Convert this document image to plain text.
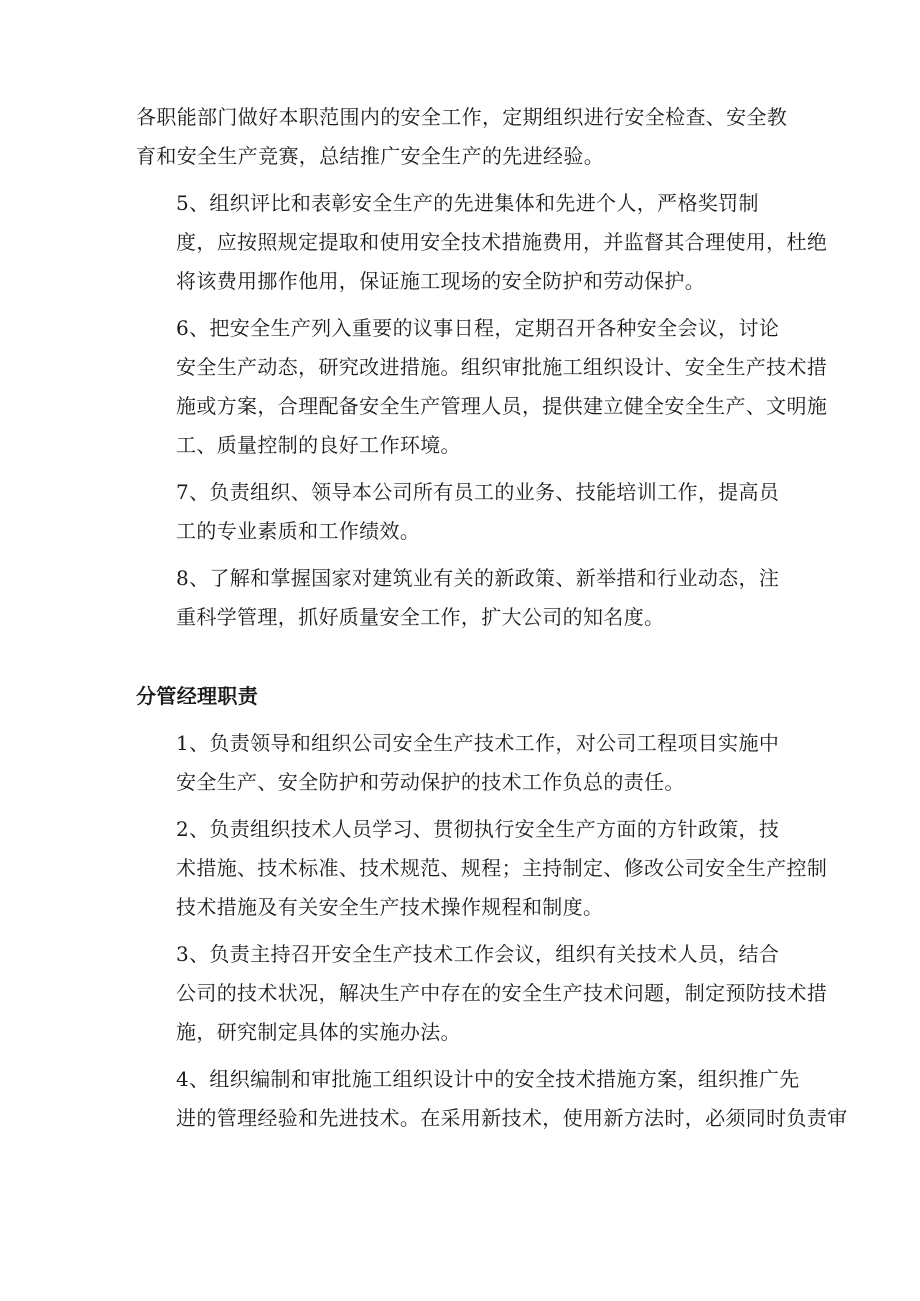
各职能部门做好本职范围内的安全工作，定期组织进行安全检查、安全教
育和安全生产竞赛，总结推广安全生产的先进经验。

5、组织评比和表彰安全生产的先进集体和先进个人，严格奖罚制
度，应按照规定提取和使用安全技术措施费用，并监督其合理使用，杜绝
将该费用挪作他用，保证施工现场的安全防护和劳动保护。

6、把安全生产列入重要的议事日程，定期召开各种安全会议，讨论
安全生产动态，研究改进措施。组织审批施工组织设计、安全生产技术措
施或方案，合理配备安全生产管理人员，提供建立健全安全生产、文明施
工、质量控制的良好工作环境。

7、负责组织、领导本公司所有员工的业务、技能培训工作，提高员
工的专业素质和工作绩效。

8、了解和掌握国家对建筑业有关的新政策、新举措和行业动态，注
重科学管理，抓好质量安全工作，扩大公司的知名度。

分管经理职责

1、负责领导和组织公司安全生产技术工作，对公司工程项目实施中
安全生产、安全防护和劳动保护的技术工作负总的责任。

2、负责组织技术人员学习、贯彻执行安全生产方面的方针政策，技
术措施、技术标准、技术规范、规程；主持制定、修改公司安全生产控制
技术措施及有关安全生产技术操作规程和制度。

3、负责主持召开安全生产技术工作会议，组织有关技术人员，结合
公司的技术状况，解决生产中存在的安全生产技术问题，制定预防技术措
施，研究制定具体的实施办法。

4、组织编制和审批施工组织设计中的安全技术措施方案，组织推广先
进的管理经验和先进技术。在采用新技术，使用新方法时，必须同时负责审
